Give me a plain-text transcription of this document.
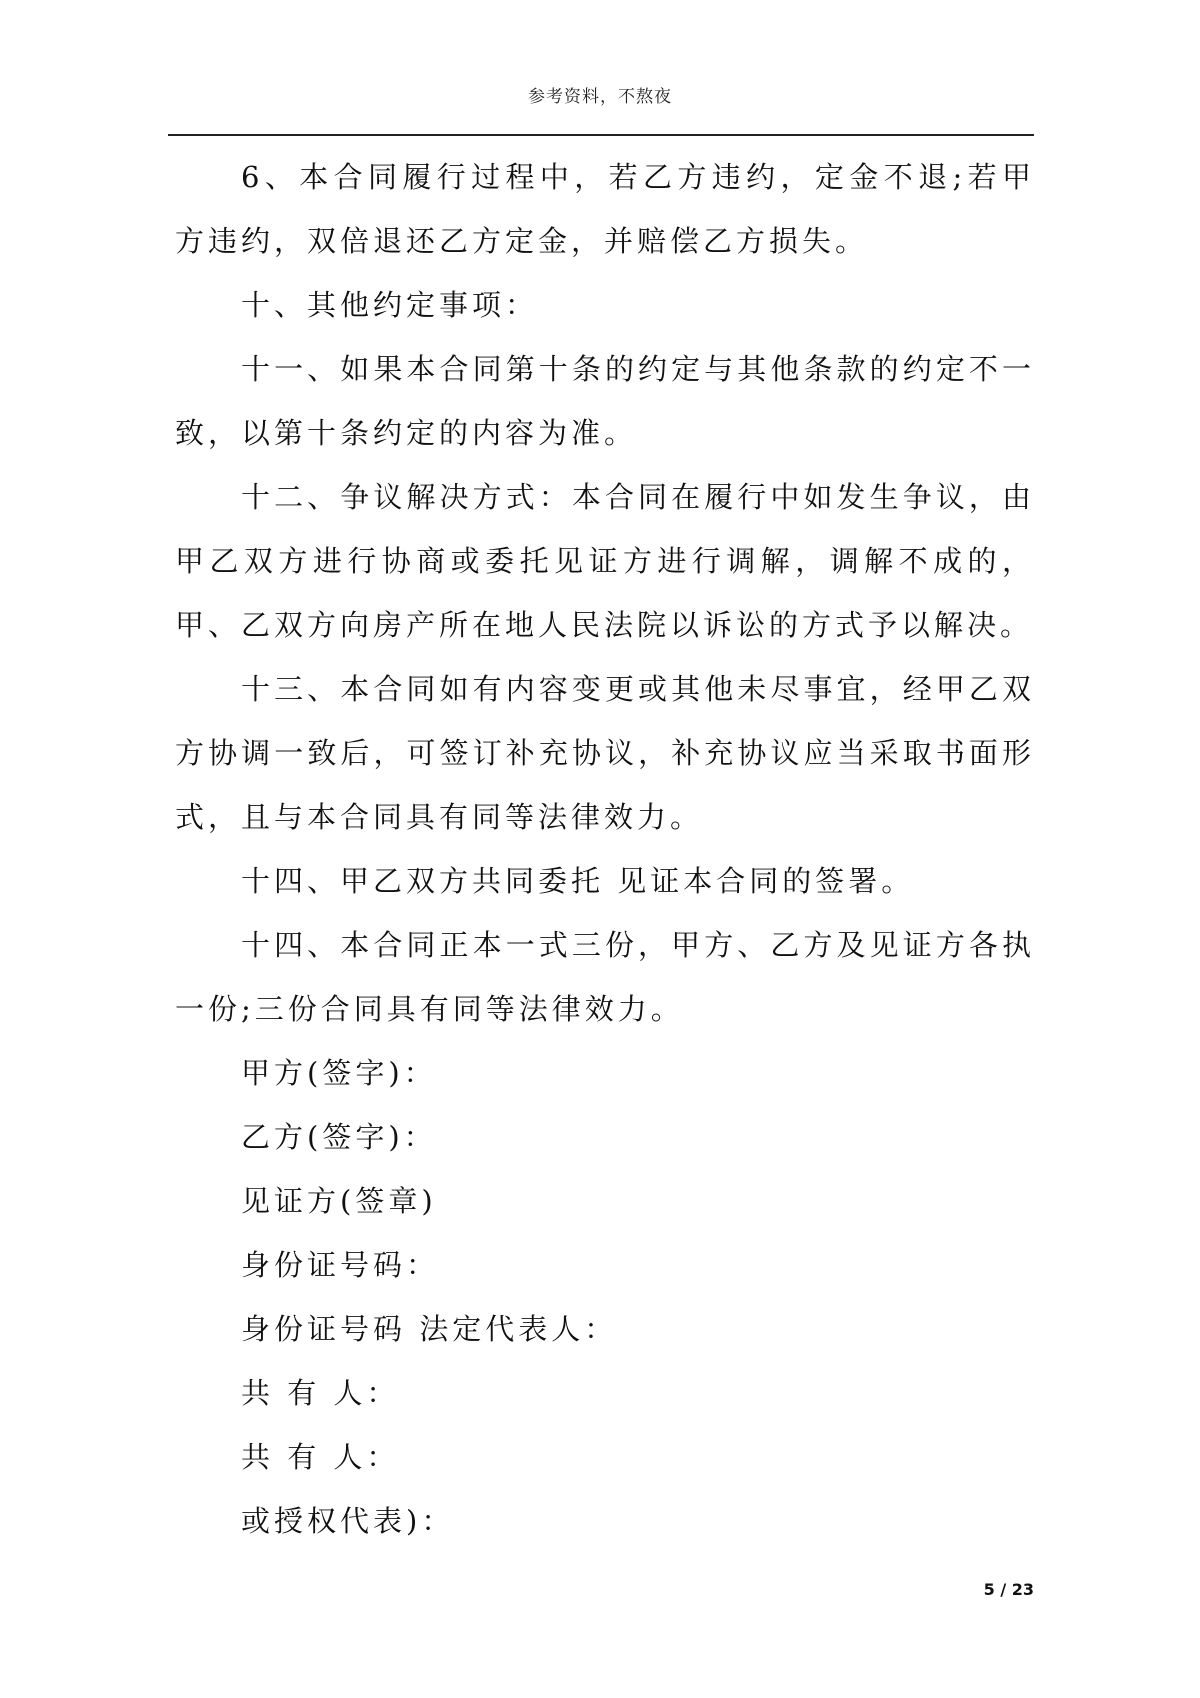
参考资料，不熬夜

6、本合同履行过程中，若乙方违约，定金不退;若甲方违约，双倍退还乙方定金，并赔偿乙方损失。

十、其他约定事项：

十一、如果本合同第十条的约定与其他条款的约定不一致，以第十条约定的内容为准。

十二、争议解决方式：本合同在履行中如发生争议，由甲乙双方进行协商或委托见证方进行调解，调解不成的，甲、乙双方向房产所在地人民法院以诉讼的方式予以解决。

十三、本合同如有内容变更或其他未尽事宜，经甲乙双方协调一致后，可签订补充协议，补充协议应当采取书面形式，且与本合同具有同等法律效力。

十四、甲乙双方共同委托 见证本合同的签署。

十四、本合同正本一式三份，甲方、乙方及见证方各执一份;三份合同具有同等法律效力。

甲方(签字)：

乙方(签字)：

见证方(签章)

身份证号码：

身份证号码 法定代表人：

共 有 人：

共 有 人：

或授权代表)：

5 / 23
